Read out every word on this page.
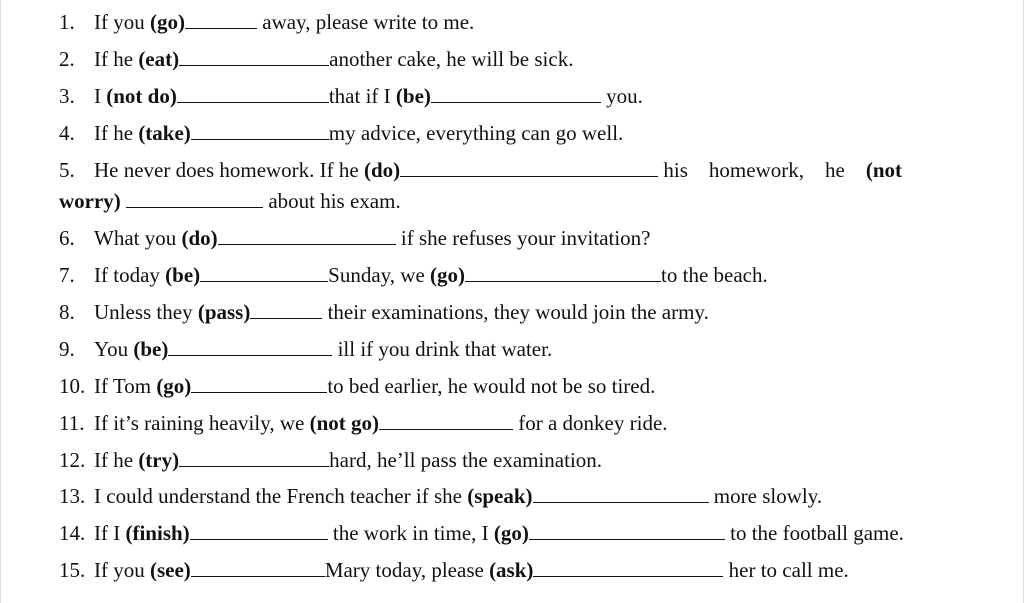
1. If you (go)	away, please write to me.
2. If he (eat)	another cake, he will be sick.
3. I (not do)	that if I (be)	you.
4. If he (take)	my advice, everything can go well.
5. He never does homework. If he (do)	his    homework,    he    (not
worry)	about his exam.
6. What you (do)	if she refuses your invitation?
7. If today (be)	Sunday, we (go)	to the beach.
8. Unless they (pass)	their examinations, they would join the army.
9. You (be)	ill if you drink that water.
10. If Tom (go)	to bed earlier, he would not be so tired.
11. If it’s raining heavily, we (not go)	for a donkey ride.
12. If he (try)	hard, he’ll pass the examination.
13. I could understand the French teacher if she (speak)	more slowly.
14. If I (finish)	the work in time, I (go)	to the football game.
15. If you (see)	Mary today, please (ask)	her to call me.
